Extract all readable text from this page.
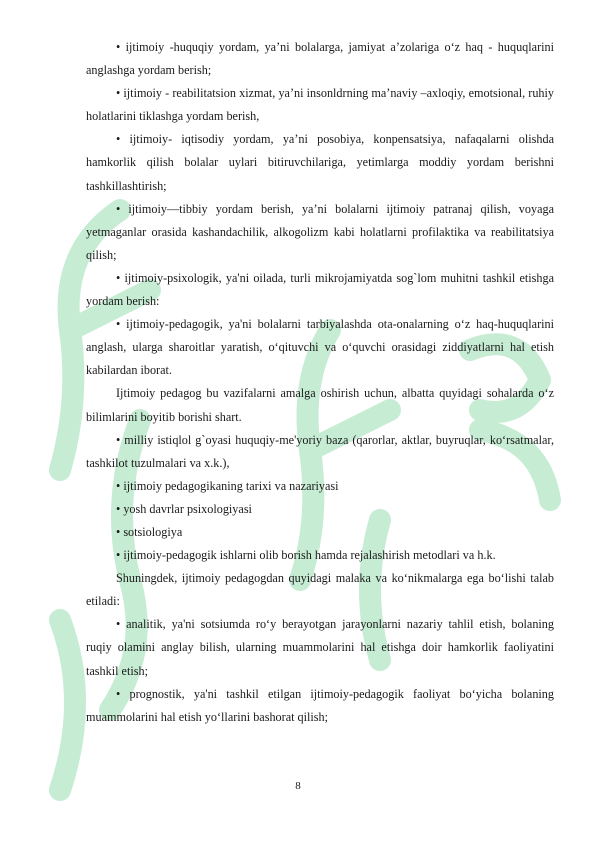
• ijtimoiy -huquqiy yordam, ya’ni bolalarga, jamiyat a’zolariga o‘z haq - huquqlarini anglashga yordam berish;

• ijtimoiy - reabilitatsion xizmat, ya’ni insonldrning ma’naviy –axloqiy, emotsional, ruhiy holatlarini tiklashga yordam berish,

• ijtimoiy- iqtisodiy yordam, ya’ni posobiya, konpensatsiya, nafaqalarni olishda hamkorlik qilish bolalar uylari bitiruvchilariga, yetimlarga moddiy yordam berishni tashkillashtirish;

• ijtimoiy—tibbiy yordam berish, ya’ni bolalarni ijtimoiy patranaj qilish, voyaga yetmaganlar orasida kashandachilik, alkogolizm kabi holatlarni profilaktika va reabilitatsiya qilish;

• ijtimoiy-psixologik, ya'ni oilada, turli mikrojamiyatda sog`lom muhitni tashkil etishga yordam berish:

• ijtimoiy-pedagogik, ya'ni bolalarni tarbiyalashda ota-onalarning o‘z haq-huquqlarini anglash, ularga sharoitlar yaratish, o‘qituvchi va o‘quvchi orasidagi ziddiyatlarni hal etish kabilardan iborat.

Ijtimoiy pedagog bu vazifalarni amalga oshirish uchun, albatta quyidagi sohalarda o‘z bilimlarini boyitib borishi shart.

• milliy istiqlol g`oyasi huquqiy-me'yoriy baza (qarorlar, aktlar, buyruqlar, ko‘rsatmalar, tashkilot tuzulmalari va x.k.),

• ijtimoiy pedagogikaning tarixi va nazariyasi

• yosh davrlar psixologiyasi

• sotsiologiya

• ijtimoiy-pedagogik ishlarni olib borish hamda rejalashirish metodlari va h.k.

Shuningdek, ijtimoiy pedagogdan quyidagi malaka va ko‘nikmalarga ega bo‘lishi talab etiladi:

• analitik, ya'ni sotsiumda ro‘y berayotgan jarayonlarni nazariy tahlil etish, bolaning ruqiy olamini anglay bilish, ularning muammolarini hal etishga doir hamkorlik faoliyatini tashkil etish;

• prognostik, ya'ni tashkil etilgan ijtimoiy-pedagogik faoliyat bo‘yicha bolaning muammolarini hal etish yo‘llarini bashorat qilish;

8
